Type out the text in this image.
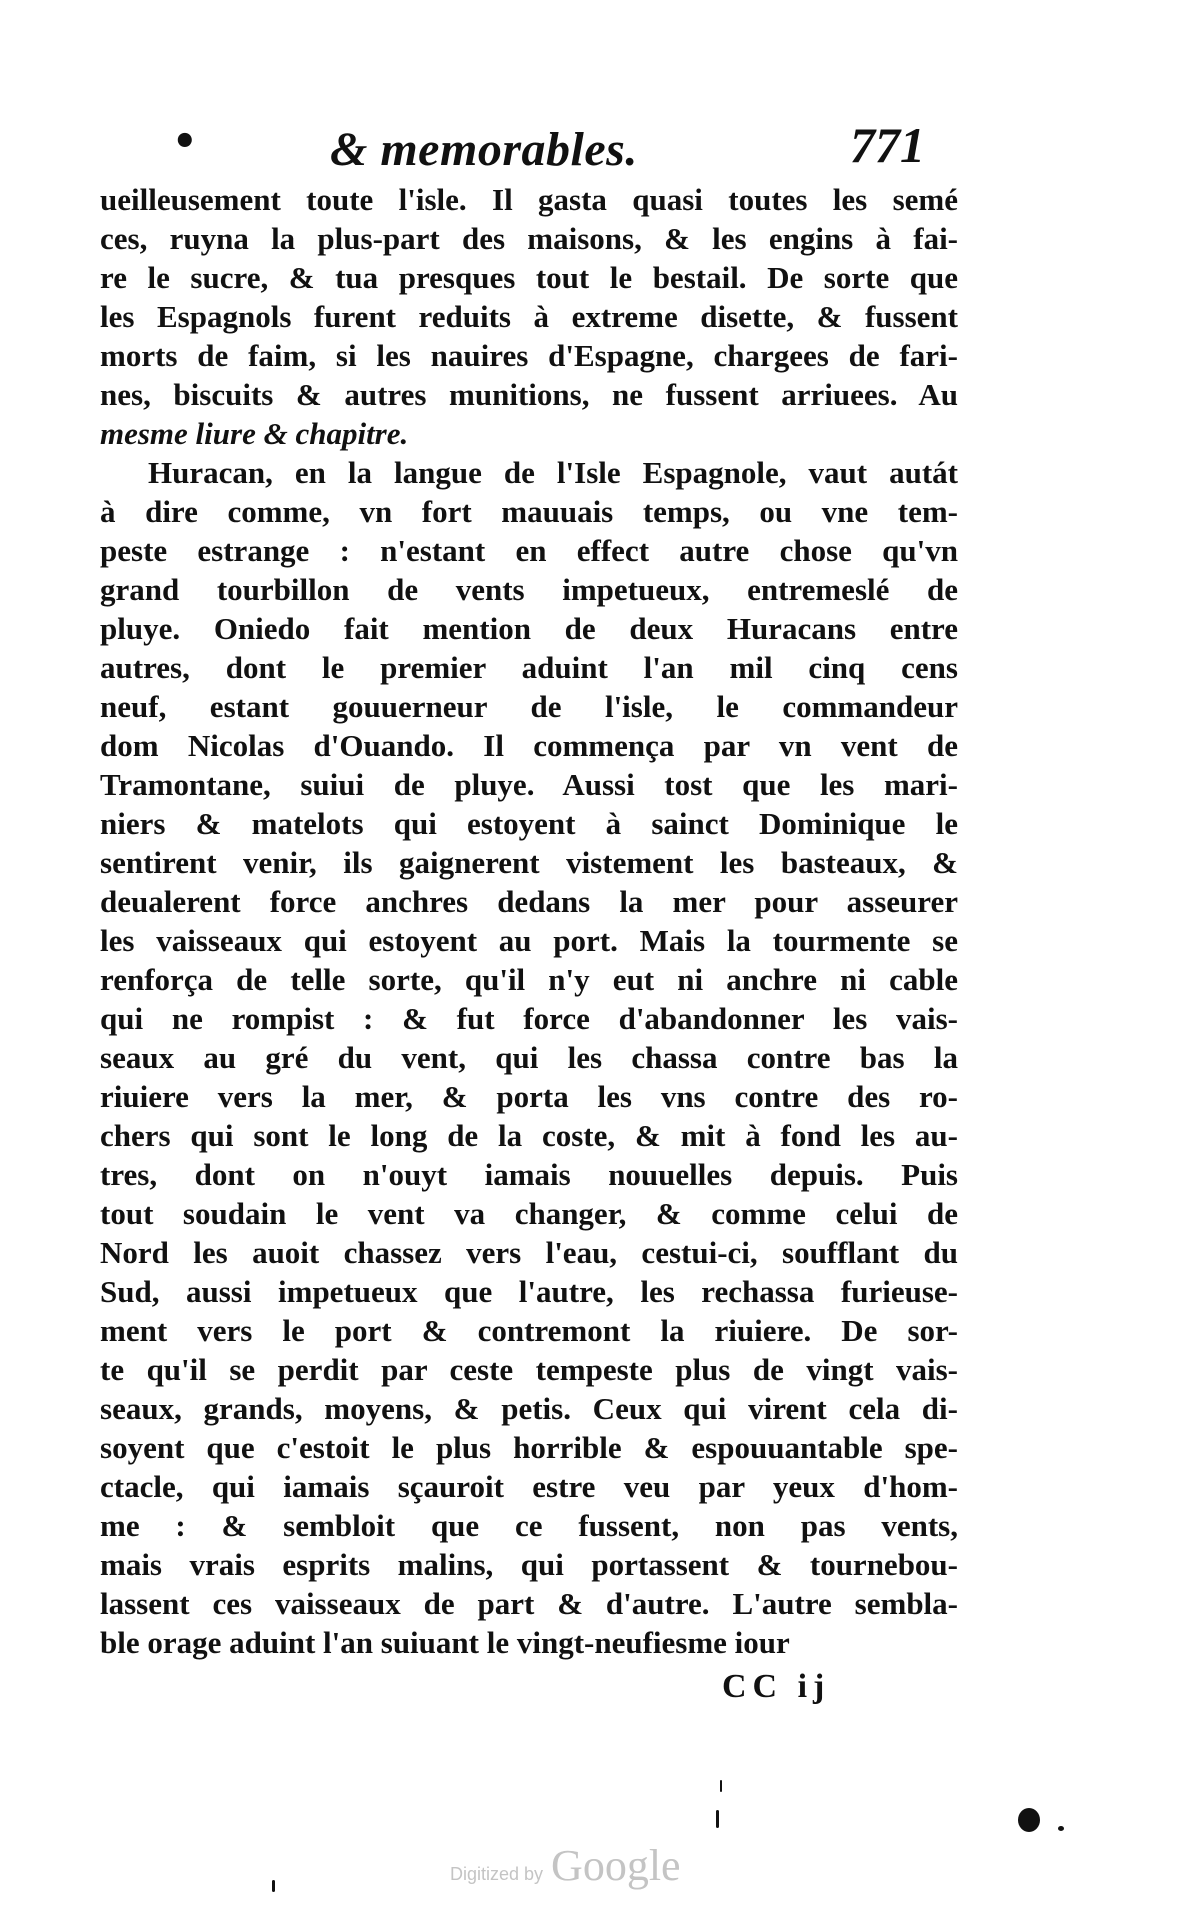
•	& memorables.	771
ueilleusement toute l'isle. Il gasta quasi toutes les semé
ces, ruyna la plus-part des maisons, & les engins à fai-
re le sucre, & tua presques tout le bestail. De sorte que
les Espagnols furent reduits à extreme disette, & fussent
morts de faim, si les nauires d'Espagne, chargees de fari-
nes, biscuits & autres munitions, ne fussent arriuees. Au
mesme liure & chapitre.
Huracan, en la langue de l'Isle Espagnole, vaut autát
à dire comme, vn fort mauuais temps, ou vne tem-
peste estrange : n'estant en effect autre chose qu'vn
grand tourbillon de vents impetueux, entremeslé de
pluye. Oniedo fait mention de deux Huracans entre
autres, dont le premier aduint l'an mil cinq cens
neuf, estant gouuerneur de l'isle, le commandeur
dom Nicolas d'Ouando. Il commença par vn vent de
Tramontane, suiui de pluye. Aussi tost que les mari-
niers & matelots qui estoyent à sainct Dominique le
sentirent venir, ils gaignerent vistement les basteaux, &
deualerent force anchres dedans la mer pour asseurer
les vaisseaux qui estoyent au port. Mais la tourmente se
renforça de telle sorte, qu'il n'y eut ni anchre ni cable
qui ne rompist : & fut force d'abandonner les vais-
seaux au gré du vent, qui les chassa contre bas la
riuiere vers la mer, & porta les vns contre des ro-
chers qui sont le long de la coste, & mit à fond les au-
tres, dont on n'ouyt iamais nouuelles depuis. Puis
tout soudain le vent va changer, & comme celui de
Nord les auoit chassez vers l'eau, cestui-ci, soufflant du
Sud, aussi impetueux que l'autre, les rechassa furieuse-
ment vers le port & contremont la riuiere. De sor-
te qu'il se perdit par ceste tempeste plus de vingt vais-
seaux, grands, moyens, & petis. Ceux qui virent cela di-
soyent que c'estoit le plus horrible & espouuantable spe-
ctacle, qui iamais sçauroit estre veu par yeux d'hom-
me : & sembloit que ce fussent, non pas vents,
mais vrais esprits malins, qui portassent & tournebou-
lassent ces vaisseaux de part & d'autre. L'autre sembla-
ble orage aduint l'an suiuant le vingt-neufiesme iour
CC ij
Digitized by Google
